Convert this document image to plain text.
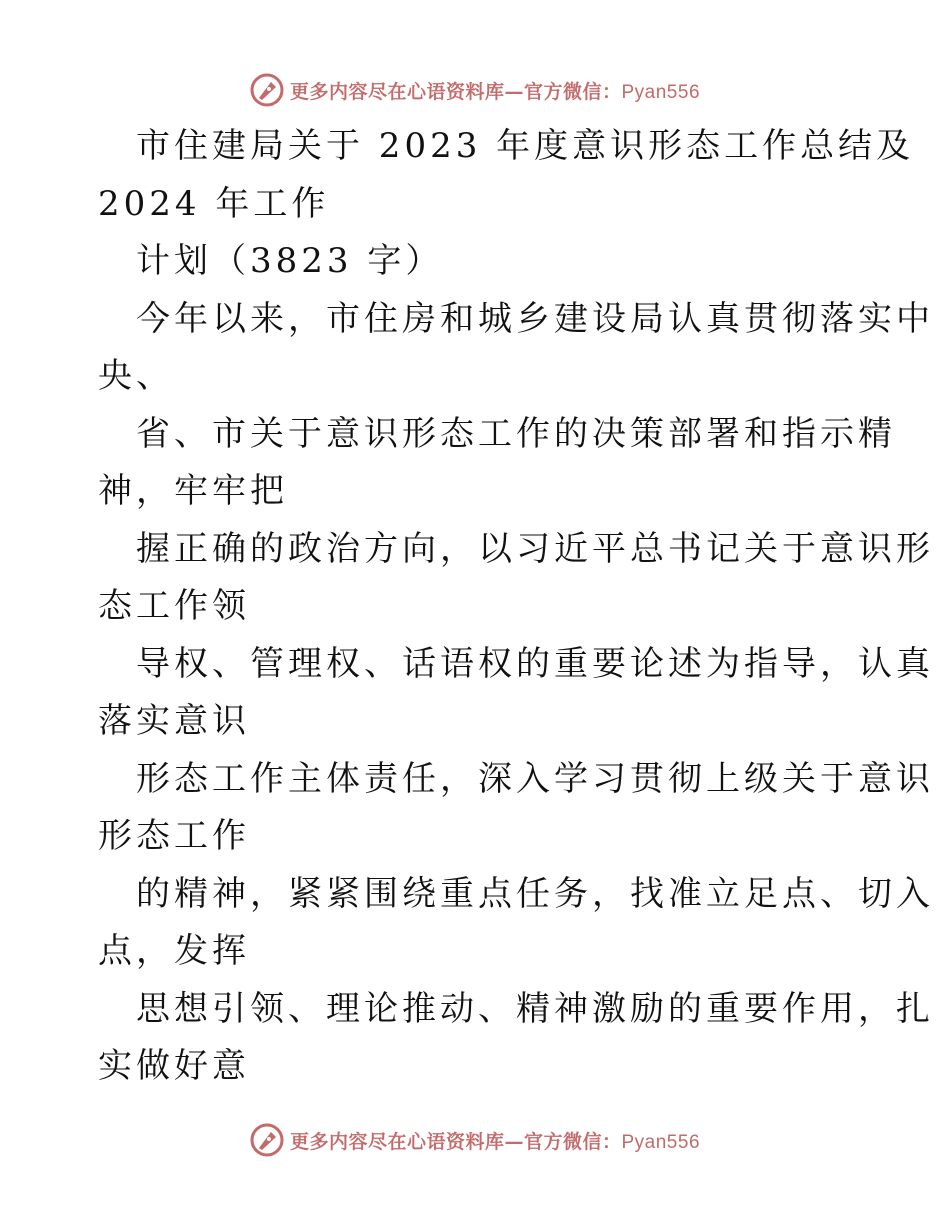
更多内容尽在心语资料库—官方微信：Pyan556
市住建局关于 2023 年度意识形态工作总结及
2024 年工作
计划（3823 字）
今年以来，市住房和城乡建设局认真贯彻落实中
央、
省、市关于意识形态工作的决策部署和指示精
神，牢牢把
握正确的政治方向，以习近平总书记关于意识形
态工作领
导权、管理权、话语权的重要论述为指导，认真
落实意识
形态工作主体责任，深入学习贯彻上级关于意识
形态工作
的精神，紧紧围绕重点任务，找准立足点、切入
点，发挥
思想引领、理论推动、精神激励的重要作用，扎
实做好意
更多内容尽在心语资料库—官方微信：Pyan556
